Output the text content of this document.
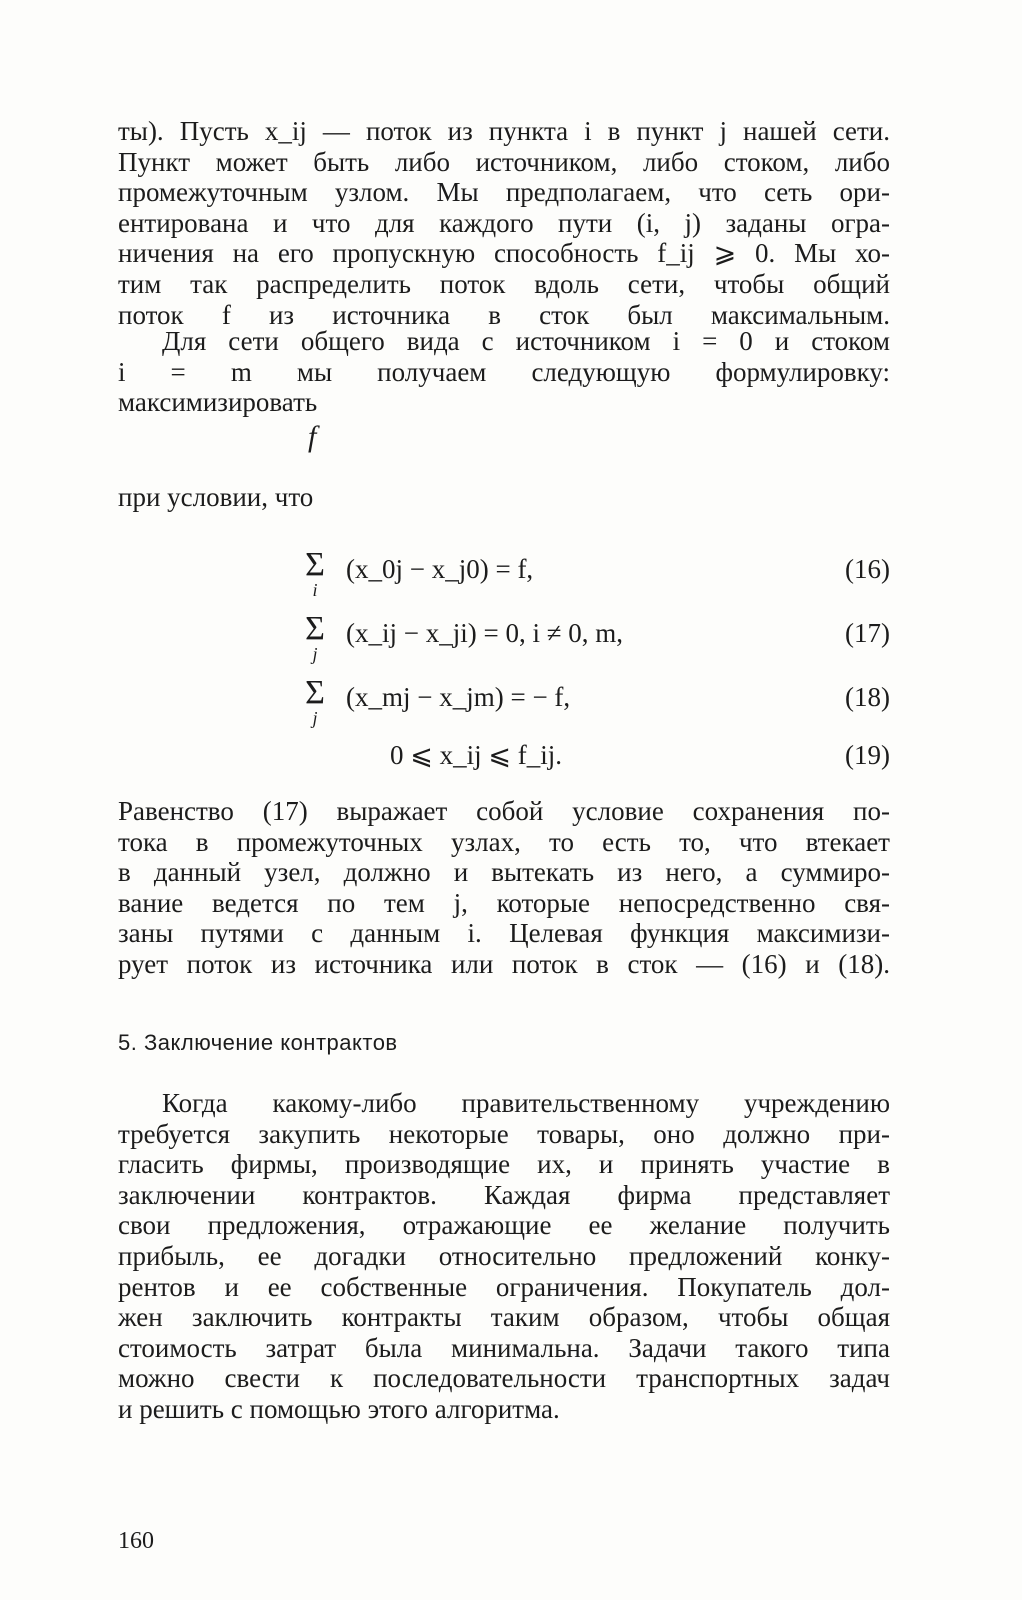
ты). Пусть x_ij — поток из пункта i в пункт j нашей сети.
Пункт может быть либо источником, либо стоком, либо
промежуточным узлом. Мы предполагаем, что сеть ори-
ентирована и что для каждого пути (i, j) заданы огра-
ничения на его пропускную способность f_ij ⩾ 0. Мы хо-
тим так распределить поток вдоль сети, чтобы общий
поток f из источника в сток был максимальным.

Для сети общего вида с источником i = 0 и стоком
i = m мы получаем следующую формулировку:
максимизировать

f
при условии, что
Σ
i
(x_0j − x_j0) = f,	(16)
Σ
j
(x_ij − x_ji) = 0, i ≠ 0, m,	(17)
Σ
j
(x_mj − x_jm) = − f,	(18)
0 ⩽ x_ij ⩽ f_ij.	(19)

Равенство (17) выражает собой условие сохранения по-
тока в промежуточных узлах, то есть то, что втекает
в данный узел, должно и вытекать из него, а суммиро-
вание ведется по тем j, которые непосредственно свя-
заны путями с данным i. Целевая функция максимизи-
рует поток из источника или поток в сток — (16) и (18).

5. Заключение контрактов

Когда какому-либо правительственному учреждению
требуется закупить некоторые товары, оно должно при-
гласить фирмы, производящие их, и принять участие в
заключении контрактов. Каждая фирма представляет
свои предложения, отражающие ее желание получить
прибыль, ее догадки относительно предложений конку-
рентов и ее собственные ограничения. Покупатель дол-
жен заключить контракты таким образом, чтобы общая
стоимость затрат была минимальна. Задачи такого типа
можно свести к последовательности транспортных задач
и решить с помощью этого алгоритма.

160
